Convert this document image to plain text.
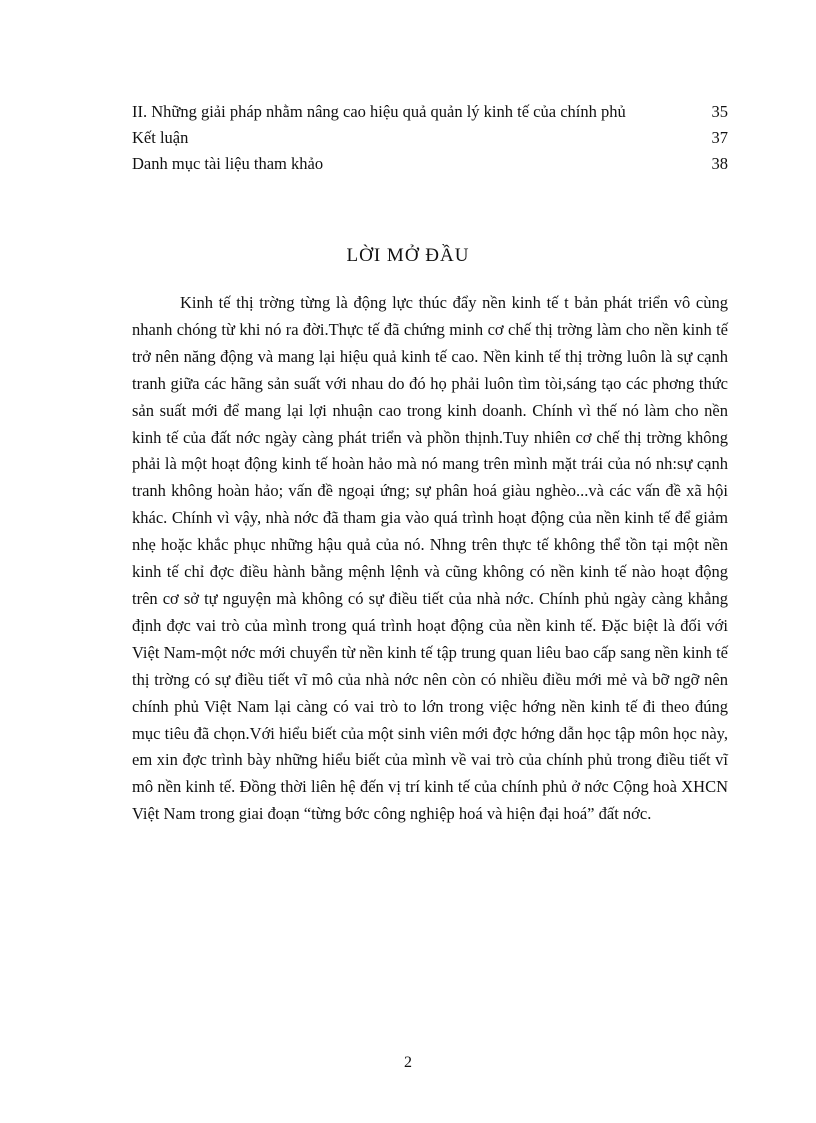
II. Những giải pháp nhằm nâng cao hiệu quả quản lý kinh tế của chính phủ	35
Kết luận	37
Danh mục tài liệu tham khảo	38
LỜI MỞ ĐẦU

Kinh tế thị trờng từng là động lực thúc đẩy nền kinh tế t bản phát triển vô cùng nhanh chóng từ khi nó ra đời.Thực tế đã chứng minh cơ chế thị trờng làm cho nền kinh tế trở nên năng động và mang lại hiệu quả kinh tế cao. Nền kinh tế thị trờng luôn là sự cạnh tranh giữa các hãng sản suất với nhau do đó họ phải luôn tìm tòi,sáng tạo các phơng thức sản suất mới để mang lại lợi nhuận cao trong kinh doanh. Chính vì thế nó làm cho nền kinh tế của đất nớc ngày càng phát triển và phồn thịnh.Tuy nhiên cơ chế thị trờng không phải là một hoạt động kinh tế hoàn hảo mà nó mang trên mình mặt trái của nó nh:sự cạnh tranh không hoàn hảo; vấn đề ngoại ứng; sự phân hoá giàu nghèo...và các vấn đề xã hội khác. Chính vì vậy, nhà nớc đã tham gia vào quá trình hoạt động của nền kinh tế để giảm nhẹ hoặc khắc phục những hậu quả của nó. Nhng trên thực tế không thể tồn tại một nền kinh tế chỉ đợc điều hành bằng mệnh lệnh và cũng không có nền kinh tế nào hoạt động trên cơ sở tự nguyện mà không có sự điều tiết của nhà nớc. Chính phủ ngày càng khẳng định đợc vai trò của mình trong quá trình hoạt động của nền kinh tế. Đặc biệt là đối với Việt Nam-một nớc mới chuyển từ nền kinh tế tập trung quan liêu bao cấp sang nền kinh tế thị trờng có sự điều tiết vĩ mô của nhà nớc nên còn có nhiều điều mới mẻ và bỡ ngỡ nên chính phủ Việt Nam lại càng có vai trò to lớn trong việc hớng nền kinh tế đi theo đúng mục tiêu đã chọn.Với hiểu biết của một sinh viên mới đợc hớng dẫn học tập môn học này, em xin đợc trình bày những hiểu biết của mình về vai trò của chính phủ trong điều tiết vĩ mô nền kinh tế. Đồng thời liên hệ đến vị trí kinh tế của chính phủ ở nớc Cộng hoà XHCN Việt Nam trong giai đoạn “từng bớc công nghiệp hoá và hiện đại hoá” đất nớc.

2
